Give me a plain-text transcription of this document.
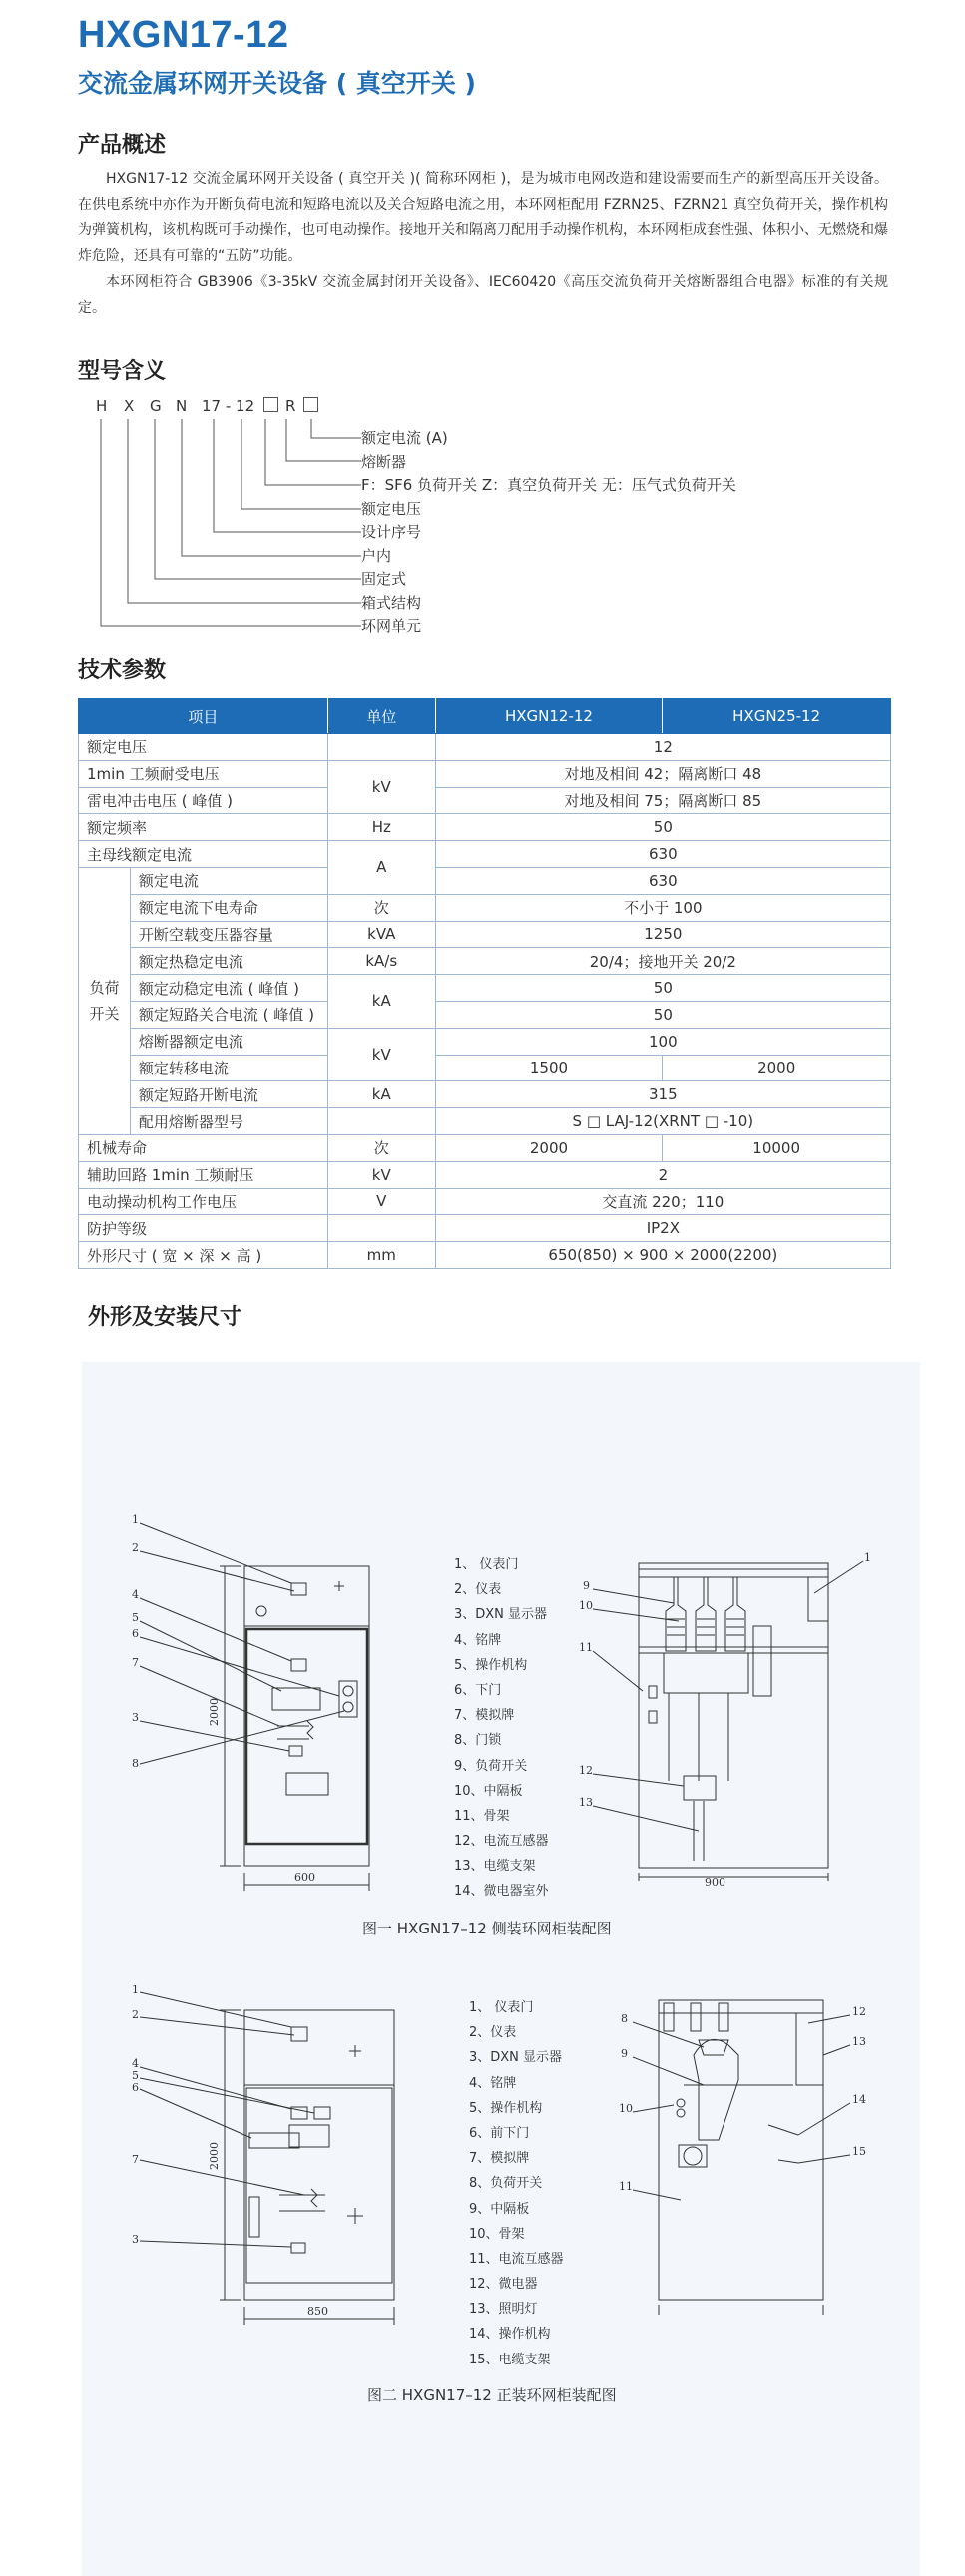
HXGN17-12
交流金属环网开关设备 ( 真空开关 )
产品概述

HXGN17-12 交流金属环网开关设备 ( 真空开关 )( 简称环网柜 )，是为城市电网改造和建设需要而生产的新型高压开关设备。在供电系统中亦作为开断负荷电流和短路电流以及关合短路电流之用，本环网柜配用 FZRN25、FZRN21 真空负荷开关，操作机构为弹簧机构，该机构既可手动操作，也可电动操作。接地开关和隔离刀配用手动操作机构，本环网柜成套性强、体积小、无燃烧和爆炸危险，还具有可靠的“五防”功能。

本环网柜符合 GB3906《3-35kV 交流金属封闭开关设备》、IEC60420《高压交流负荷开关熔断器组合电器》标准的有关规定。

型号含义
H X G N 17 - 12 R
额定电流 (A)
熔断器
F：SF6 负荷开关 Z：真空负荷开关 无：压气式负荷开关
额定电压
设计序号
户内
固定式
箱式结构
环网单元
技术参数
项目		单位	HXGN12-12	HXGN25-12
额定电压			12	
1min 工频耐受电压		kV	对地及相间 42；隔离断口 48	
雷电冲击电压 ( 峰值 )			对地及相间 75；隔离断口 85	
额定频率		Hz	50	
主母线额定电流		A	630	
负荷开关	额定电流		630	
	额定电流下电寿命	次	不小于 100	
	开断空载变压器容量	kVA	1250	
	额定热稳定电流	kA/s	20/4；接地开关 20/2	
	额定动稳定电流 ( 峰值 )	kA	50	
	额定短路关合电流 ( 峰值 )		50	
	熔断器额定电流	kV	100	
	额定转移电流		1500	2000
	额定短路开断电流	kA	315	
	配用熔断器型号		S □ LAJ-12(XRNT □ -10)	
机械寿命		次	2000	10000
辅助回路 1min 工频耐压		kV	2	
电动操动机构工作电压		V	交直流 220；110	
防护等级			IP2X	
外形尺寸 ( 宽 × 深 × 高 )		mm	650(850) × 900 × 2000(2200)	
外形及安装尺寸
1
2
4
5
6
7
3
8
2000
600
1、 仪表门
2、仪表
3、DXN 显示器
4、铭牌
5、操作机构
6、下门
7、模拟牌
8、门锁
9、负荷开关
10、中隔板
11、骨架
12、电流互感器
13、电缆支架
14、微电器室外
9
10
11
12
13
1
900
图一 HXGN17–12 侧装环网柜装配图
1
2
4
5
6
7
3
2000
850
1、 仪表门
2、仪表
3、DXN 显示器
4、铭牌
5、操作机构
6、前下门
7、模拟牌
8、负荷开关
9、中隔板
10、骨架
11、电流互感器
12、微电器
13、照明灯
14、操作机构
15、电缆支架
8
9
10
11
12
13
14
15
图二 HXGN17–12 正装环网柜装配图
